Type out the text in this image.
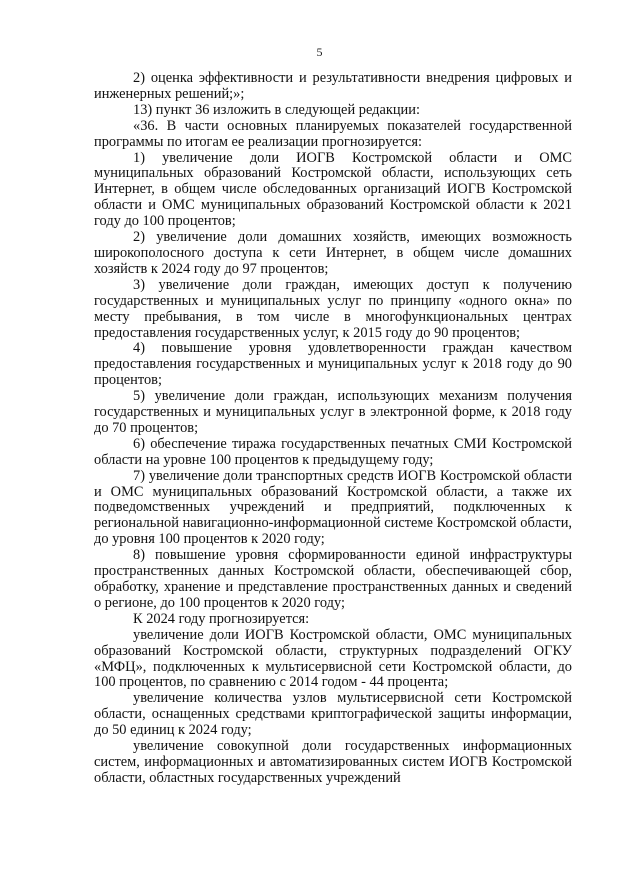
5

2) оценка эффективности и результативности внедрения цифровых и инженерных решений;»;

13) пункт 36 изложить в следующей редакции:

«36. В части основных планируемых показателей государственной программы по итогам ее реализации прогнозируется:

1) увеличение доли ИОГВ Костромской области и ОМС муниципальных образований Костромской области, использующих сеть Интернет, в общем числе обследованных организаций ИОГВ Костромской области и ОМС муниципальных образований Костромской области к 2021 году до 100 процентов;

2) увеличение доли домашних хозяйств, имеющих возможность широкополосного доступа к сети Интернет, в общем числе домашних хозяйств к 2024 году до 97 процентов;

3) увеличение доли граждан, имеющих доступ к получению государственных и муниципальных услуг по принципу «одного окна» по месту пребывания, в том числе в многофункциональных центрах предоставления государственных услуг, к 2015 году до 90 процентов;

4) повышение уровня удовлетворенности граждан качеством предоставления государственных и муниципальных услуг к 2018 году до 90 процентов;

5) увеличение доли граждан, использующих механизм получения государственных и муниципальных услуг в электронной форме, к 2018 году до 70 процентов;

6) обеспечение тиража государственных печатных СМИ Костромской области на уровне 100 процентов к предыдущему году;

7) увеличение доли транспортных средств ИОГВ Костромской области и ОМС муниципальных образований Костромской области, а также их подведомственных учреждений и предприятий, подключенных к региональной навигационно-информационной системе Костромской области, до уровня 100 процентов к 2020 году;

8) повышение уровня сформированности единой инфраструктуры пространственных данных Костромской области, обеспечивающей сбор, обработку, хранение и представление пространственных данных и сведений о регионе, до 100 процентов к 2020 году;

К 2024 году прогнозируется:

увеличение доли ИОГВ Костромской области, ОМС муниципальных образований Костромской области, структурных подразделений ОГКУ «МФЦ», подключенных к мультисервисной сети Костромской области, до 100 процентов, по сравнению с 2014 годом - 44 процента;

увеличение количества узлов мультисервисной сети Костромской области, оснащенных средствами криптографической защиты информации, до 50 единиц к 2024 году;

увеличение совокупной доли государственных информационных систем, информационных и автоматизированных систем ИОГВ Костромской области, областных государственных учреждений
